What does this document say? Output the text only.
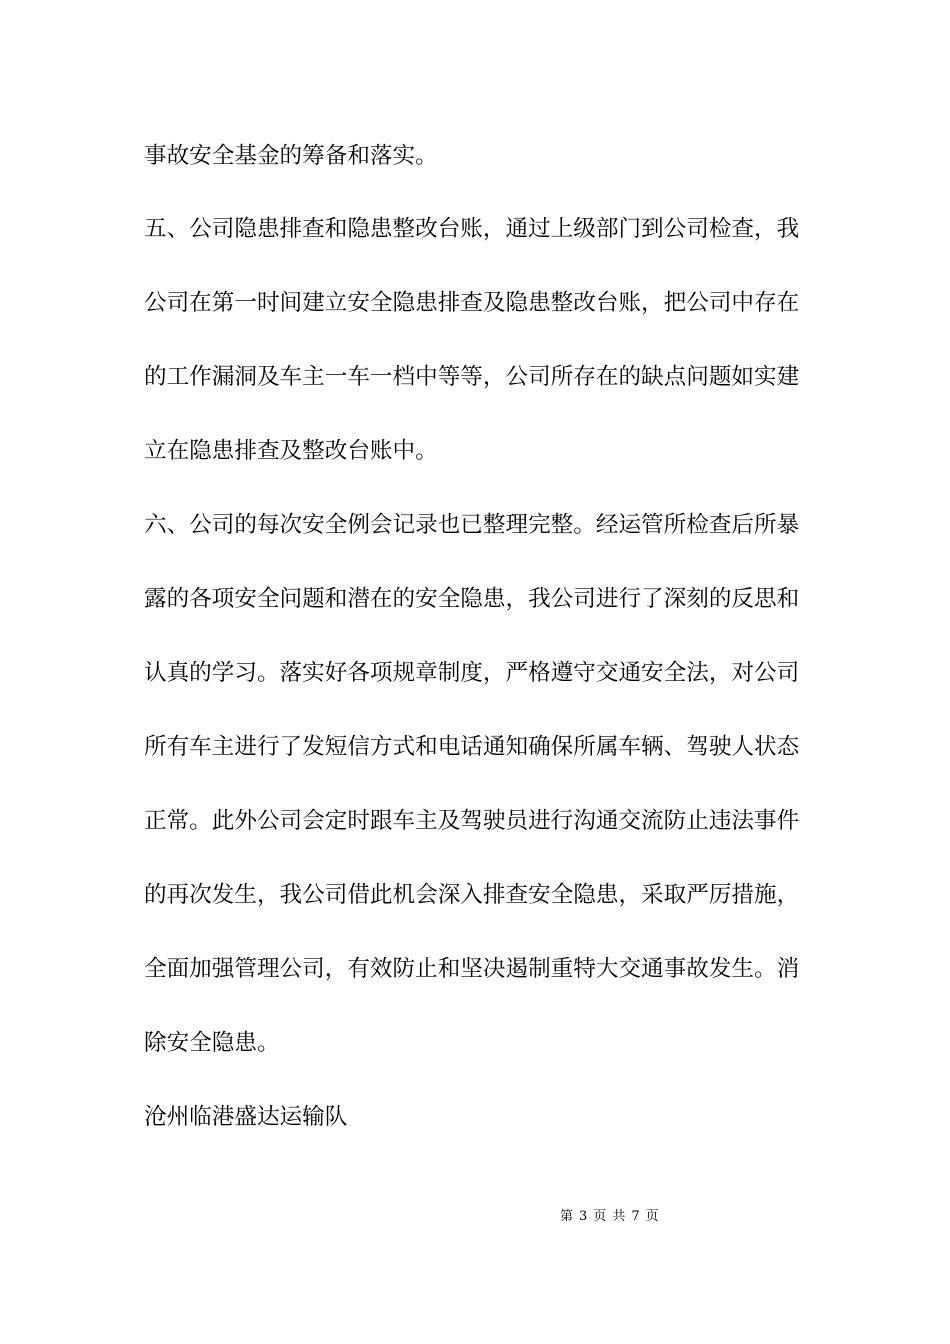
事故安全基金的筹备和落实。
五、公司隐患排查和隐患整改台账，通过上级部门到公司检查，我
公司在第一时间建立安全隐患排查及隐患整改台账，把公司中存在
的工作漏洞及车主一车一档中等等，公司所存在的缺点问题如实建
立在隐患排查及整改台账中。
六、公司的每次安全例会记录也已整理完整。经运管所检查后所暴
露的各项安全问题和潜在的安全隐患，我公司进行了深刻的反思和
认真的学习。落实好各项规章制度，严格遵守交通安全法，对公司
所有车主进行了发短信方式和电话通知确保所属车辆、驾驶人状态
正常。此外公司会定时跟车主及驾驶员进行沟通交流防止违法事件
的再次发生，我公司借此机会深入排查安全隐患，采取严厉措施，
全面加强管理公司，有效防止和坚决遏制重特大交通事故发生。消
除安全隐患。
沧州临港盛达运输队
第 3 页 共 7 页
